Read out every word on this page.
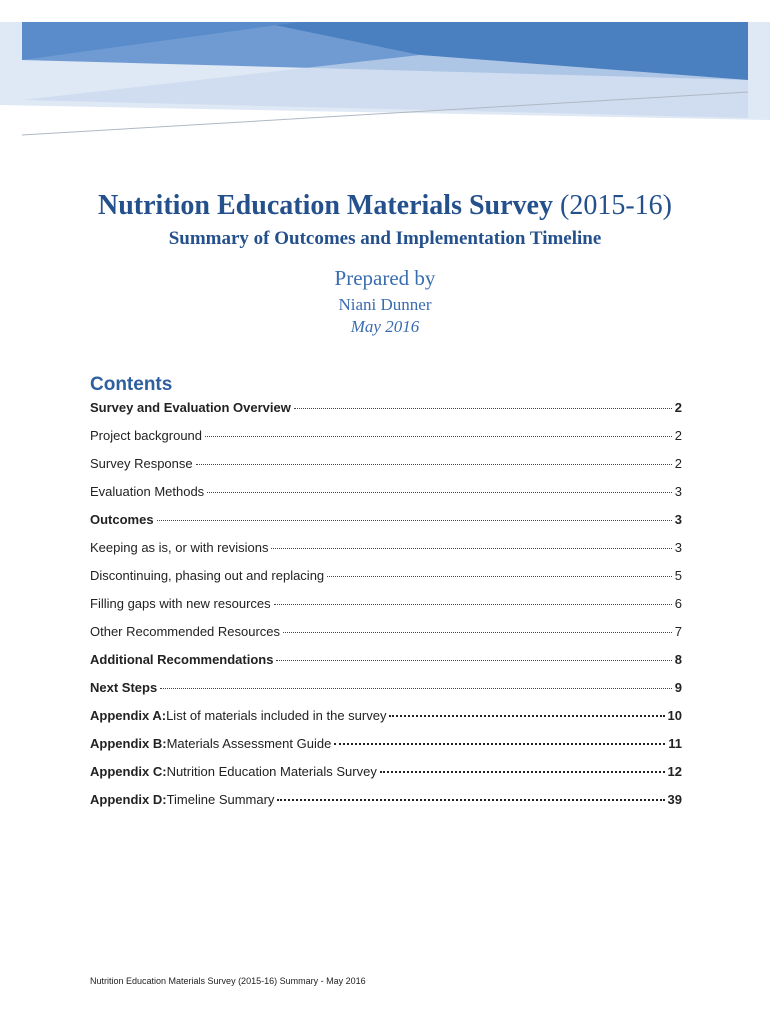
Nutrition Education Materials Survey (2015-16)
Summary of Outcomes and Implementation Timeline
Prepared by
Niani Dunner
May 2016
Contents
Survey and Evaluation Overview	2
Project background	2
Survey Response	2
Evaluation Methods	3
Outcomes	3
Keeping as is, or with revisions	3
Discontinuing, phasing out and replacing	5
Filling gaps with new resources	6
Other Recommended Resources	7
Additional Recommendations	8
Next Steps	9
Appendix A: List of materials included in the survey	10
Appendix B: Materials Assessment Guide	11
Appendix C: Nutrition Education Materials Survey	12
Appendix D: Timeline Summary	39
Nutrition Education Materials Survey (2015-16) Summary - May 2016
